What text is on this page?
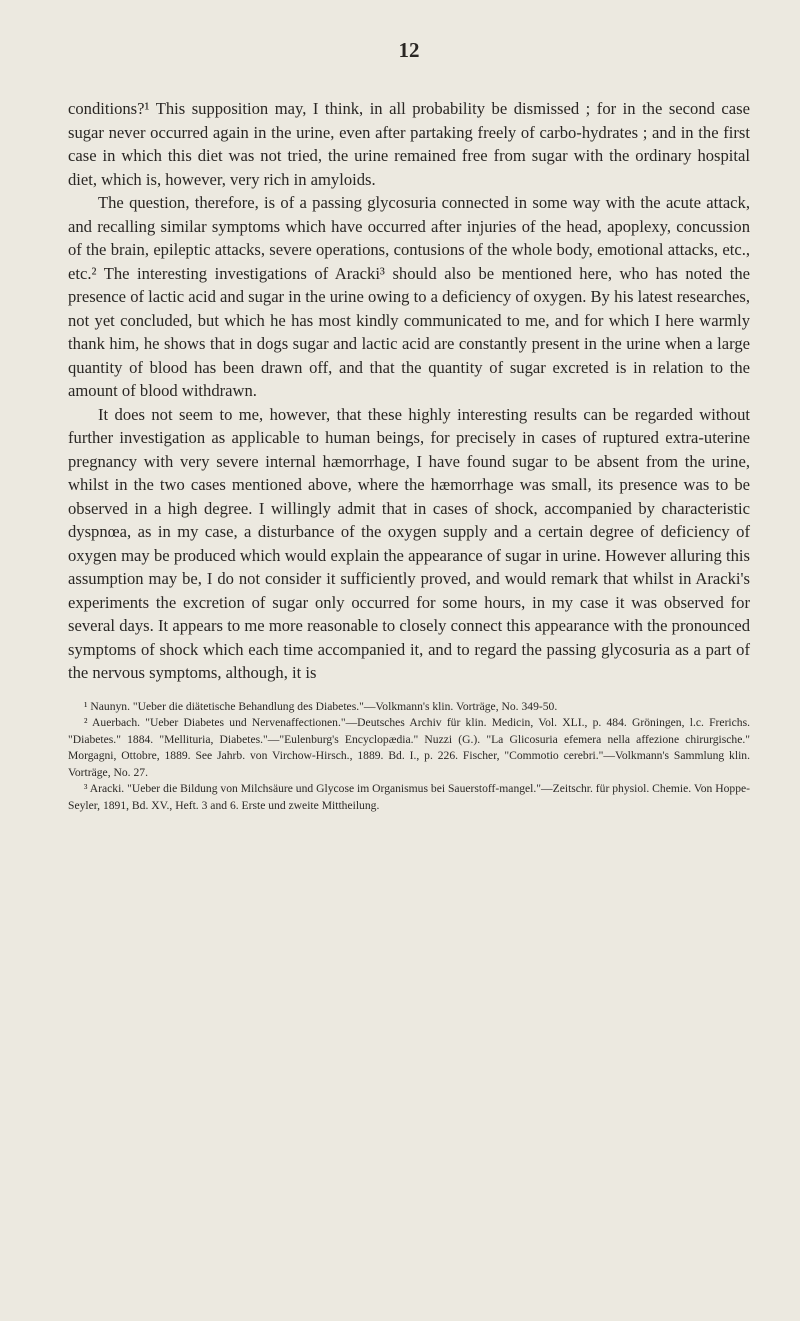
12

conditions?¹ This supposition may, I think, in all probability be dismissed ; for in the second case sugar never occurred again in the urine, even after partaking freely of carbo-hydrates ; and in the first case in which this diet was not tried, the urine remained free from sugar with the ordinary hospital diet, which is, however, very rich in amyloids.

The question, therefore, is of a passing glycosuria connected in some way with the acute attack, and recalling similar symptoms which have occurred after injuries of the head, apoplexy, concussion of the brain, epileptic attacks, severe operations, contusions of the whole body, emotional attacks, etc., etc.² The interesting investigations of Aracki³ should also be mentioned here, who has noted the presence of lactic acid and sugar in the urine owing to a deficiency of oxygen. By his latest researches, not yet concluded, but which he has most kindly communicated to me, and for which I here warmly thank him, he shows that in dogs sugar and lactic acid are constantly present in the urine when a large quantity of blood has been drawn off, and that the quantity of sugar excreted is in relation to the amount of blood withdrawn.

It does not seem to me, however, that these highly interesting results can be regarded without further investigation as applicable to human beings, for precisely in cases of ruptured extra-uterine pregnancy with very severe internal hæmorrhage, I have found sugar to be absent from the urine, whilst in the two cases mentioned above, where the hæmorrhage was small, its presence was to be observed in a high degree. I willingly admit that in cases of shock, accompanied by characteristic dyspnœa, as in my case, a disturbance of the oxygen supply and a certain degree of deficiency of oxygen may be produced which would explain the appearance of sugar in urine. However alluring this assumption may be, I do not consider it sufficiently proved, and would remark that whilst in Aracki's experiments the excretion of sugar only occurred for some hours, in my case it was observed for several days. It appears to me more reasonable to closely connect this appearance with the pronounced symptoms of shock which each time accompanied it, and to regard the passing glycosuria as a part of the nervous symptoms, although, it is

¹ Naunyn. "Ueber die diätetische Behandlung des Diabetes."—Volkmann's klin. Vorträge, No. 349-50.

² Auerbach. "Ueber Diabetes und Nervenaffectionen."—Deutsches Archiv für klin. Medicin, Vol. XLI., p. 484. Gröningen, l.c. Frerichs. "Diabetes." 1884. "Mellituria, Diabetes."—"Eulenburg's Encyclopædia." Nuzzi (G.). "La Glicosuria efemera nella affezione chirurgische." Morgagni, Ottobre, 1889. See Jahrb. von Virchow-Hirsch., 1889. Bd. I., p. 226. Fischer, "Commotio cerebri."—Volkmann's Sammlung klin. Vorträge, No. 27.

³ Aracki. "Ueber die Bildung von Milchsäure und Glycose im Organismus bei Sauerstoff-mangel."—Zeitschr. für physiol. Chemie. Von Hoppe-Seyler, 1891, Bd. XV., Heft. 3 and 6. Erste und zweite Mittheilung.
